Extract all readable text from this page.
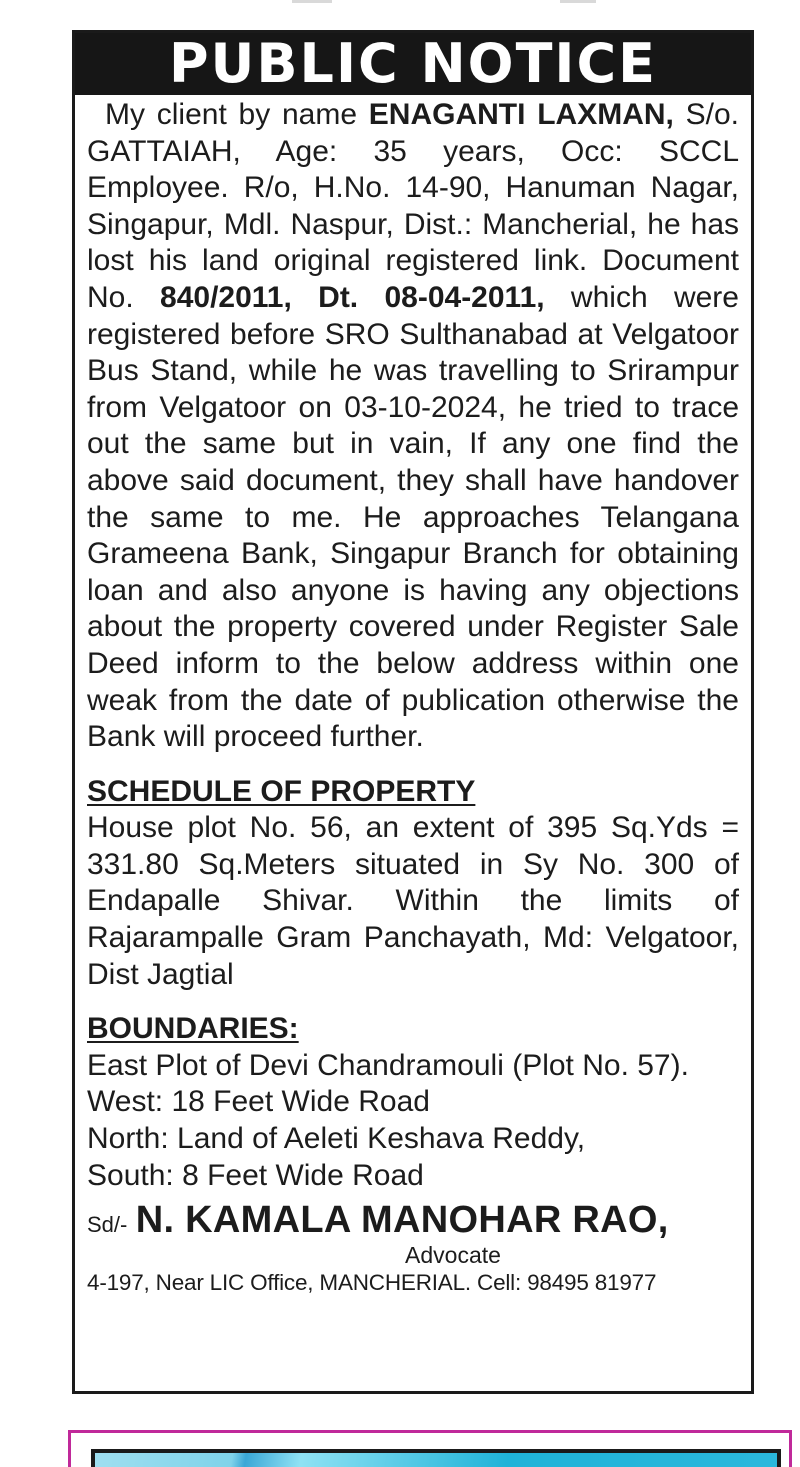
PUBLIC NOTICE

My client by name ENAGANTI LAXMAN, S/o. GATTAIAH, Age: 35 years, Occ: SCCL Employee. R/o, H.No. 14-90, Hanuman Nagar, Singapur, Mdl. Naspur, Dist.: Mancherial, he has lost his land original registered link. Document No. 840/2011, Dt. 08-04-2011, which were registered before SRO Sulthanabad at Velgatoor Bus Stand, while he was travelling to Srirampur from Velgatoor on 03-10-2024, he tried to trace out the same but in vain, If any one find the above said document, they shall have handover the same to me. He approaches Telangana Grameena Bank, Singapur Branch for obtaining loan and also anyone is having any objections about the property covered under Register Sale Deed inform to the below address within one weak from the date of publication otherwise the Bank will proceed further.

SCHEDULE OF PROPERTY

House plot No. 56, an extent of 395 Sq.Yds = 331.80 Sq.Meters situated in Sy No. 300 of Endapalle Shivar. Within the limits of Rajarampalle Gram Panchayath, Md: Velgatoor, Dist Jagtial

BOUNDARIES:
East Plot of Devi Chandramouli (Plot No. 57).
West: 18 Feet Wide Road
North: Land of Aeleti Keshava Reddy,
South: 8 Feet Wide Road
Sd/- N. KAMALA MANOHAR RAO,
Advocate
4-197, Near LIC Office, MANCHERIAL. Cell: 98495 81977
